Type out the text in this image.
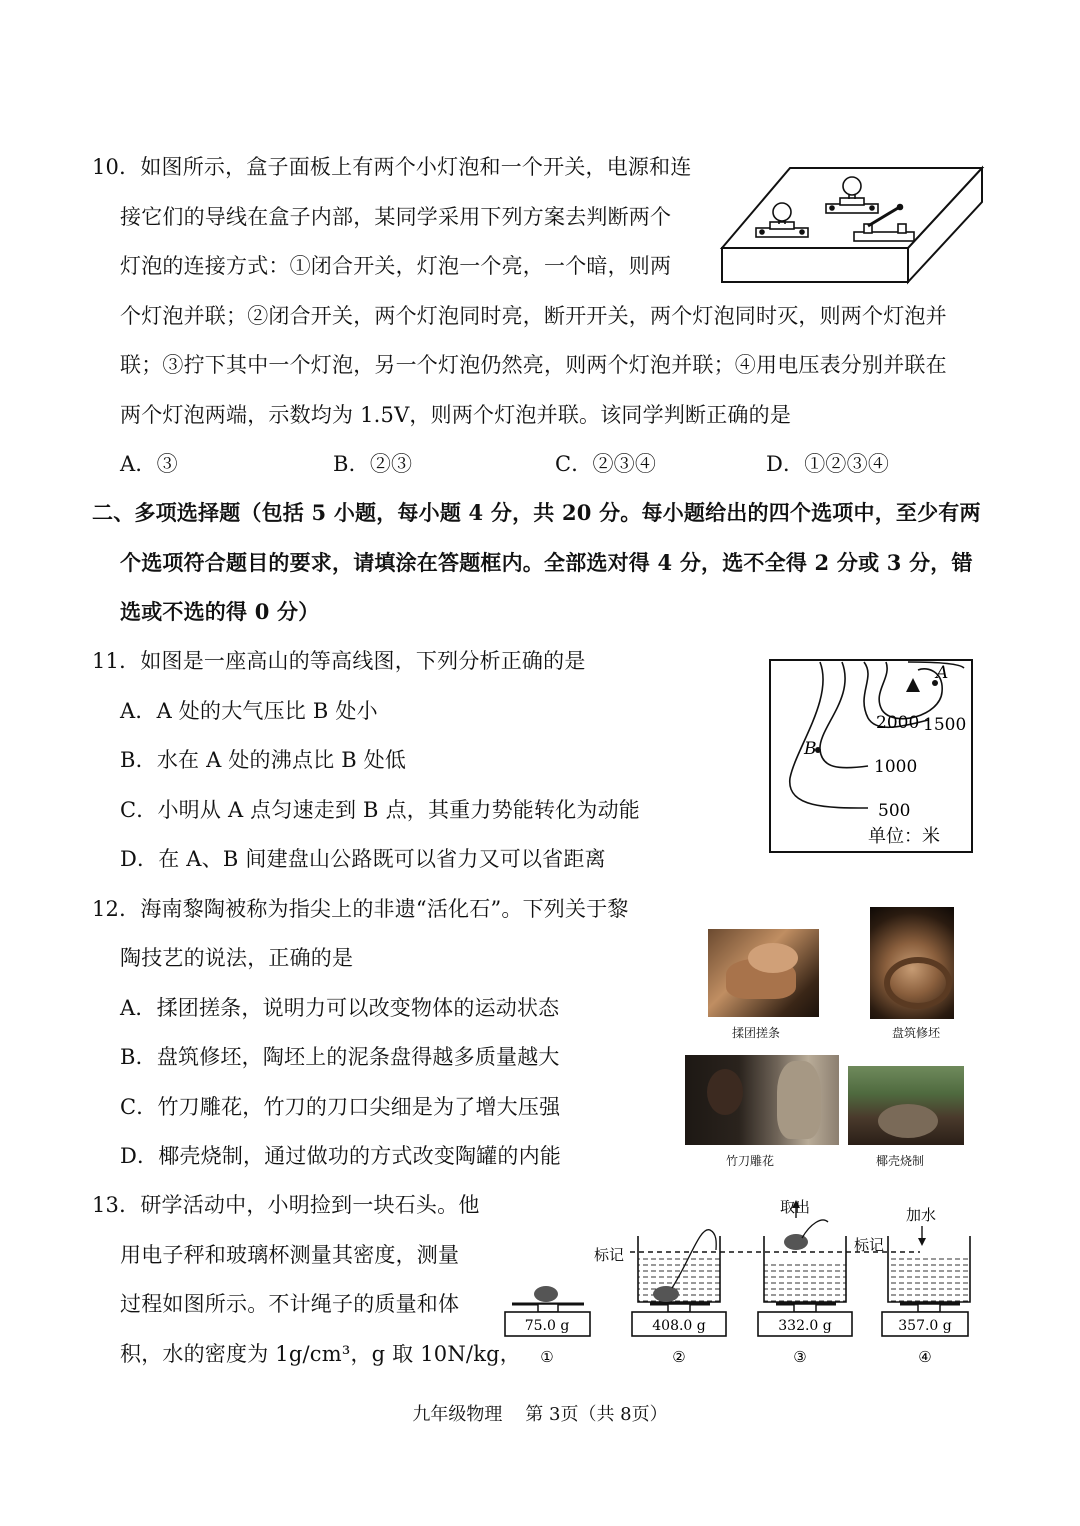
10．如图所示，盒子面板上有两个小灯泡和一个开关，电源和连
接它们的导线在盒子内部，某同学采用下列方案去判断两个
灯泡的连接方式：①闭合开关，灯泡一个亮，一个暗，则两
个灯泡并联；②闭合开关，两个灯泡同时亮，断开开关，两个灯泡同时灭，则两个灯泡并
联；③拧下其中一个灯泡，另一个灯泡仍然亮，则两个灯泡并联；④用电压表分别并联在
两个灯泡两端，示数均为 1.5V，则两个灯泡并联。该同学判断正确的是
A．③	B．②③	C．②③④	D．①②③④
二、多项选择题（包括 5 小题，每小题 4 分，共 20 分。每小题给出的四个选项中，至少有两
个选项符合题目的要求，请填涂在答题框内。全部选对得 4 分，选不全得 2 分或 3 分，错
选或不选的得 0 分）
11．如图是一座高山的等高线图，下列分析正确的是
A．A 处的大气压比 B 处小
B．水在 A 处的沸点比 B 处低
C．小明从 A 点匀速走到 B 点，其重力势能转化为动能
D．在 A、B 间建盘山公路既可以省力又可以省距离
A
B
2000 1500
1000
500
单位：米
12．海南黎陶被称为指尖上的非遗“活化石”。下列关于黎
陶技艺的说法，正确的是
A．揉团搓条，说明力可以改变物体的运动状态
B．盘筑修坯，陶坯上的泥条盘得越多质量越大
C．竹刀雕花，竹刀的刀口尖细是为了增大压强
D．椰壳烧制，通过做功的方式改变陶罐的内能
揉团搓条	盘筑修坯
竹刀雕花	椰壳烧制
13．研学活动中，小明捡到一块石头。他
用电子秤和玻璃杯测量其密度，测量
过程如图所示。不计绳子的质量和体
积，水的密度为 1g/cm³，g 取 10N/kg，
75.0 g
①
408.0 g
②
标记
取出
332.0 g
③
标记
加水
357.0 g
④
九年级物理 第 3页（共 8页）
